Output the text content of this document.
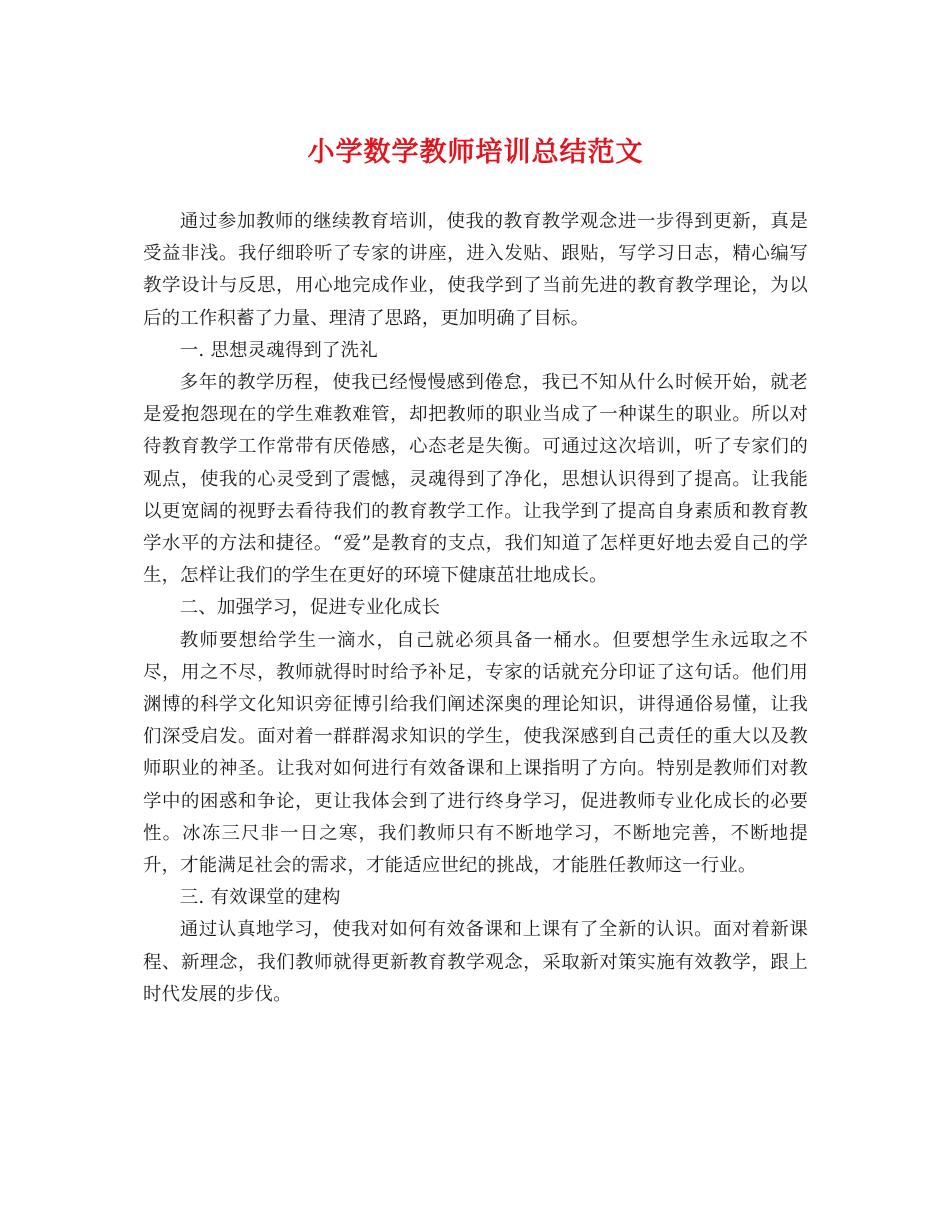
小学数学教师培训总结范文

通过参加教师的继续教育培训，使我的教育教学观念进一步得到更新，真是受益非浅。我仔细聆听了专家的讲座，进入发贴、跟贴，写学习日志，精心编写教学设计与反思，用心地完成作业，使我学到了当前先进的教育教学理论，为以后的工作积蓄了力量、理清了思路，更加明确了目标。

一. 思想灵魂得到了洗礼

多年的教学历程，使我已经慢慢感到倦怠，我已不知从什么时候开始，就老是爱抱怨现在的学生难教难管，却把教师的职业当成了一种谋生的职业。所以对待教育教学工作常带有厌倦感，心态老是失衡。可通过这次培训，听了专家们的观点，使我的心灵受到了震憾，灵魂得到了净化，思想认识得到了提高。让我能以更宽阔的视野去看待我们的教育教学工作。让我学到了提高自身素质和教育教学水平的方法和捷径。“爱”是教育的支点，我们知道了怎样更好地去爱自己的学生，怎样让我们的学生在更好的环境下健康茁壮地成长。

二、加强学习，促进专业化成长

教师要想给学生一滴水，自己就必须具备一桶水。但要想学生永远取之不尽，用之不尽，教师就得时时给予补足，专家的话就充分印证了这句话。他们用渊博的科学文化知识旁征博引给我们阐述深奥的理论知识，讲得通俗易懂，让我们深受启发。面对着一群群渴求知识的学生，使我深感到自己责任的重大以及教师职业的神圣。让我对如何进行有效备课和上课指明了方向。特别是教师们对教学中的困惑和争论，更让我体会到了进行终身学习，促进教师专业化成长的必要性。冰冻三尺非一日之寒，我们教师只有不断地学习，不断地完善，不断地提升，才能满足社会的需求，才能适应世纪的挑战，才能胜任教师这一行业。

三. 有效课堂的建构

通过认真地学习，使我对如何有效备课和上课有了全新的认识。面对着新课程、新理念，我们教师就得更新教育教学观念，采取新对策实施有效教学，跟上时代发展的步伐。
